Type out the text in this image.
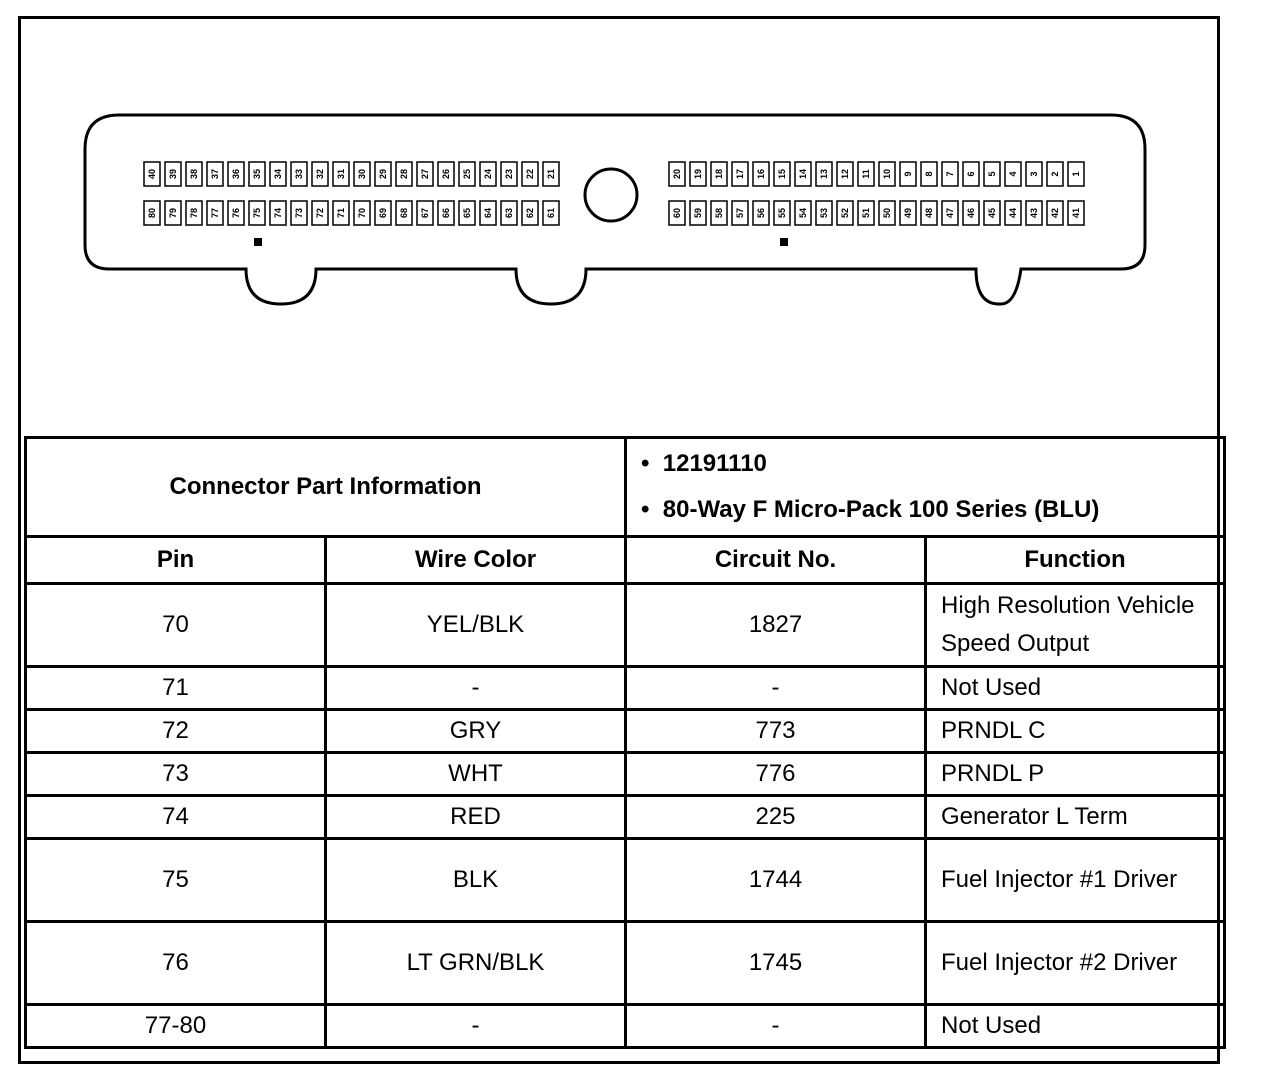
40 39 38 37 36 35 34 33 32 31 30 29 28 27 26 25 24 23 22 21
80 79 78 77 76 75 74 73 72 71 70 69 68 67 66 65 64 63 62 61
20 19 18 17 16 15 14 13 12 11 10 9 8 7 6 5 4 3 2 1
60 59 58 57 56 55 54 53 52 51 50 49 48 47 46 45 44 43 42 41
Connector Part Information		•  12191110
•  80-Way F Micro-Pack 100 Series (BLU)	

Pin	Wire Color	Circuit No.	Function
70	YEL/BLK	1827	High Resolution Vehicle Speed Output
71	-	-	Not Used
72	GRY	773	PRNDL C
73	WHT	776	PRNDL P
74	RED	225	Generator L Term
75	BLK	1744	Fuel Injector #1 Driver
76	LT GRN/BLK	1745	Fuel Injector #2 Driver
77-80	-	-	Not Used
